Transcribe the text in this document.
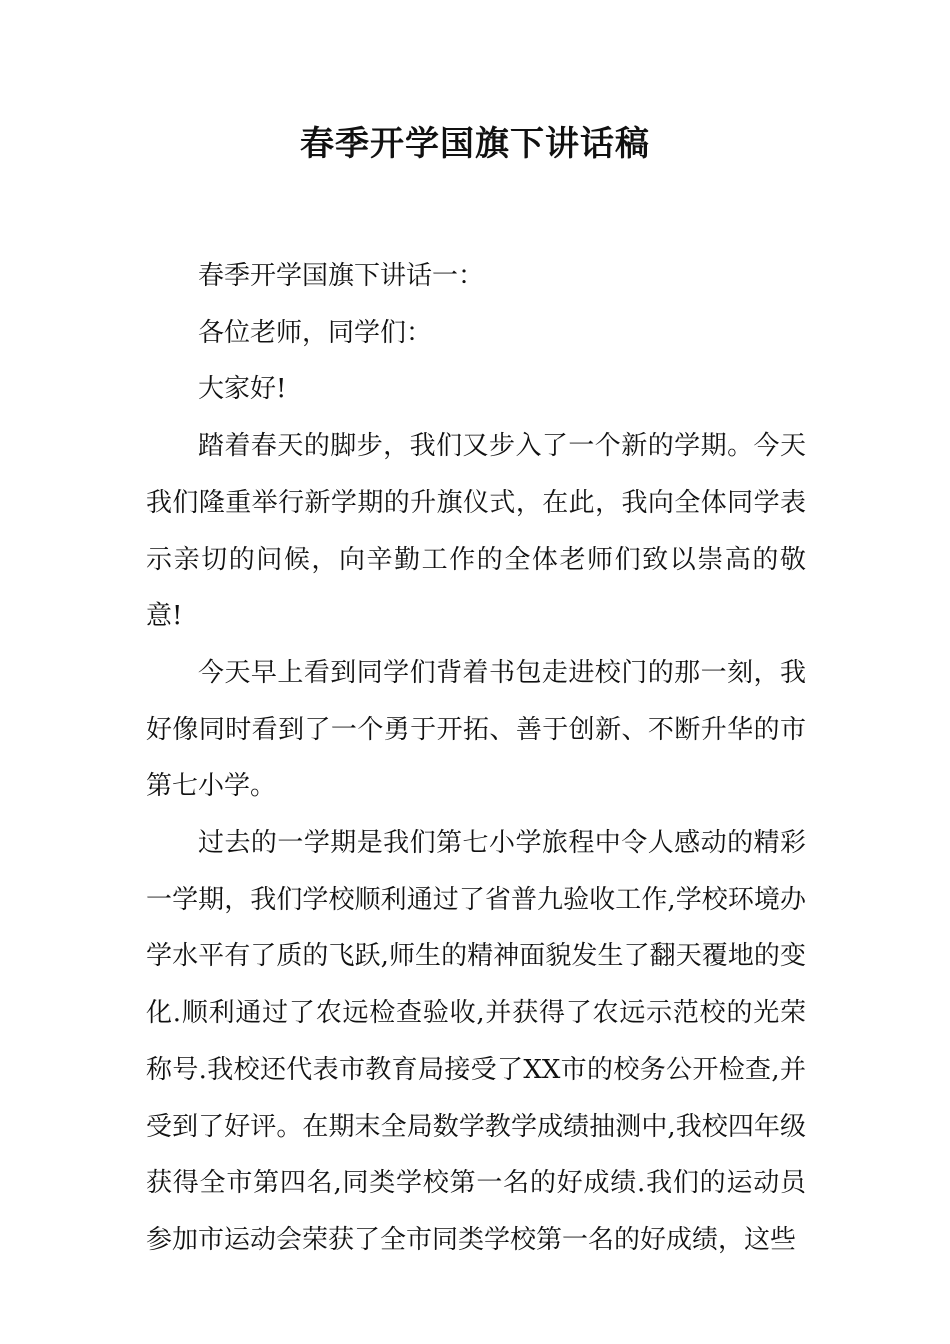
春季开学国旗下讲话稿

春季开学国旗下讲话一：

各位老师，同学们：

大家好!

踏着春天的脚步，我们又步入了一个新的学期。今天我们隆重举行新学期的升旗仪式，在此，我向全体同学表示亲切的问候，向辛勤工作的全体老师们致以崇高的敬意!

今天早上看到同学们背着书包走进校门的那一刻，我好像同时看到了一个勇于开拓、善于创新、不断升华的市第七小学。

过去的一学期是我们第七小学旅程中令人感动的精彩一学期，我们学校顺利通过了省普九验收工作,学校环境办学水平有了质的飞跃,师生的精神面貌发生了翻天覆地的变化.顺利通过了农远检查验收,并获得了农远示范校的光荣称号.我校还代表市教育局接受了XX市的校务公开检查,并受到了好评。在期末全局数学教学成绩抽测中,我校四年级获得全市第四名,同类学校第一名的好成绩.我们的运动员参加市运动会荣获了全市同类学校第一名的好成绩，这些
